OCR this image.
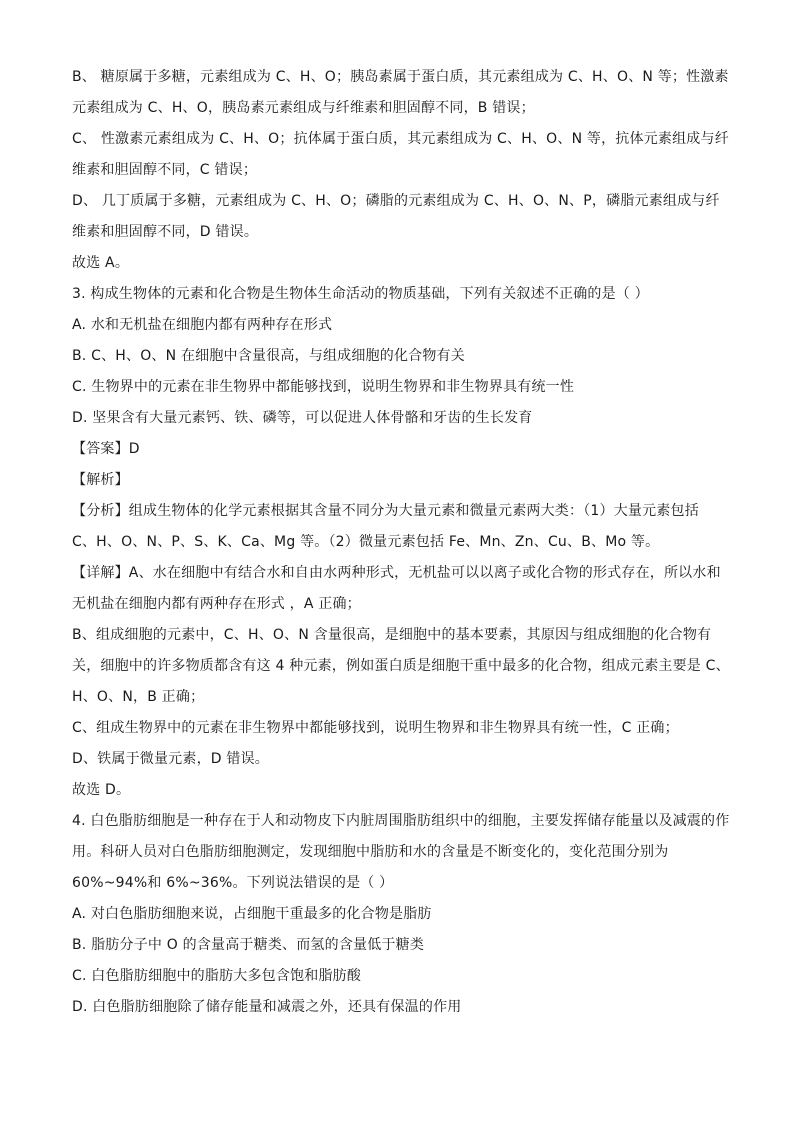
B、 糖原属于多糖，元素组成为 C、H、O；胰岛素属于蛋白质，其元素组成为 C、H、O、N 等；性激素
元素组成为 C、H、O，胰岛素元素组成与纤维素和胆固醇不同，B 错误；
C、 性激素元素组成为 C、H、O；抗体属于蛋白质，其元素组成为 C、H、O、N 等，抗体元素组成与纤
维素和胆固醇不同，C 错误；
D、 几丁质属于多糖，元素组成为 C、H、O；磷脂的元素组成为 C、H、O、N、P，磷脂元素组成与纤
维素和胆固醇不同，D 错误。
故选 A。
3. 构成生物体的元素和化合物是生物体生命活动的物质基础，下列有关叙述不正确的是（ ）
A. 水和无机盐在细胞内都有两种存在形式
B. C、H、O、N 在细胞中含量很高，与组成细胞的化合物有关
C. 生物界中的元素在非生物界中都能够找到，说明生物界和非生物界具有统一性
D. 坚果含有大量元素钙、铁、磷等，可以促进人体骨骼和牙齿的生长发育
【答案】D
【解析】
【分析】组成生物体的化学元素根据其含量不同分为大量元素和微量元素两大类：（1）大量元素包括
C、H、O、N、P、S、K、Ca、Mg 等。（2）微量元素包括 Fe、Mn、Zn、Cu、B、Mo 等。
【详解】A、水在细胞中有结合水和自由水两种形式，无机盐可以以离子或化合物的形式存在，所以水和
无机盐在细胞内都有两种存在形式 ，A 正确；
B、组成细胞的元素中，C、H、O、N 含量很高，是细胞中的基本要素，其原因与组成细胞的化合物有
关，细胞中的许多物质都含有这 4 种元素，例如蛋白质是细胞干重中最多的化合物，组成元素主要是 C、
H、O、N，B 正确；
C、组成生物界中的元素在非生物界中都能够找到，说明生物界和非生物界具有统一性，C 正确；
D、铁属于微量元素，D 错误。
故选 D。
4. 白色脂肪细胞是一种存在于人和动物皮下内脏周围脂肪组织中的细胞，主要发挥储存能量以及减震的作
用。科研人员对白色脂肪细胞测定，发现细胞中脂肪和水的含量是不断变化的，变化范围分别为
60%~94%和 6%~36%。下列说法错误的是（ ）
A. 对白色脂肪细胞来说，占细胞干重最多的化合物是脂肪
B. 脂肪分子中 O 的含量高于糖类、而氢的含量低于糖类
C. 白色脂肪细胞中的脂肪大多包含饱和脂肪酸
D. 白色脂肪细胞除了储存能量和减震之外，还具有保温的作用
